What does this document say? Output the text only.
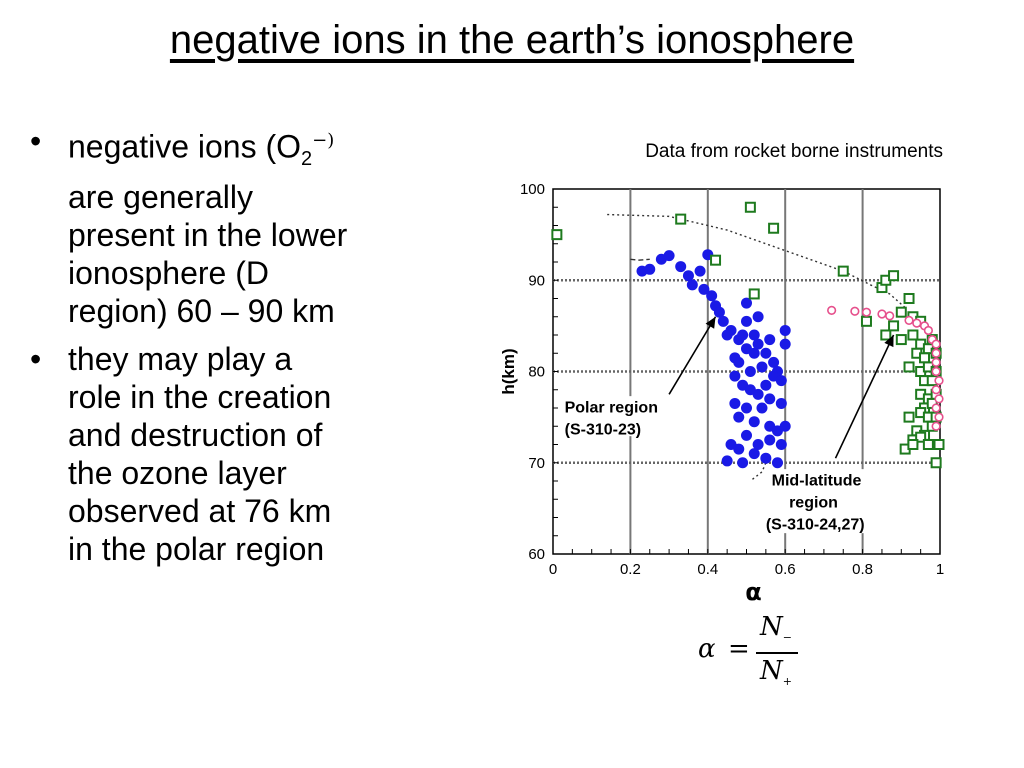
negative ions in the earth’s ionosphere
• negative ions ($O_2^{-)}$
are generally
present in the lower
ionosphere (D
region) 60 – 90 km
• they may play a
role in the creation
and destruction of
the ozone layer
observed at 76 km
in the polar region
Data from rocket borne instruments
0	0.2	0.4	0.6	0.8	1
60
70
80
90
100
α
h(km)
Polar region
(S-310-23)
Mid-latitude
region
(S-310-24,27)
α =
$N_-$
$N_+$
